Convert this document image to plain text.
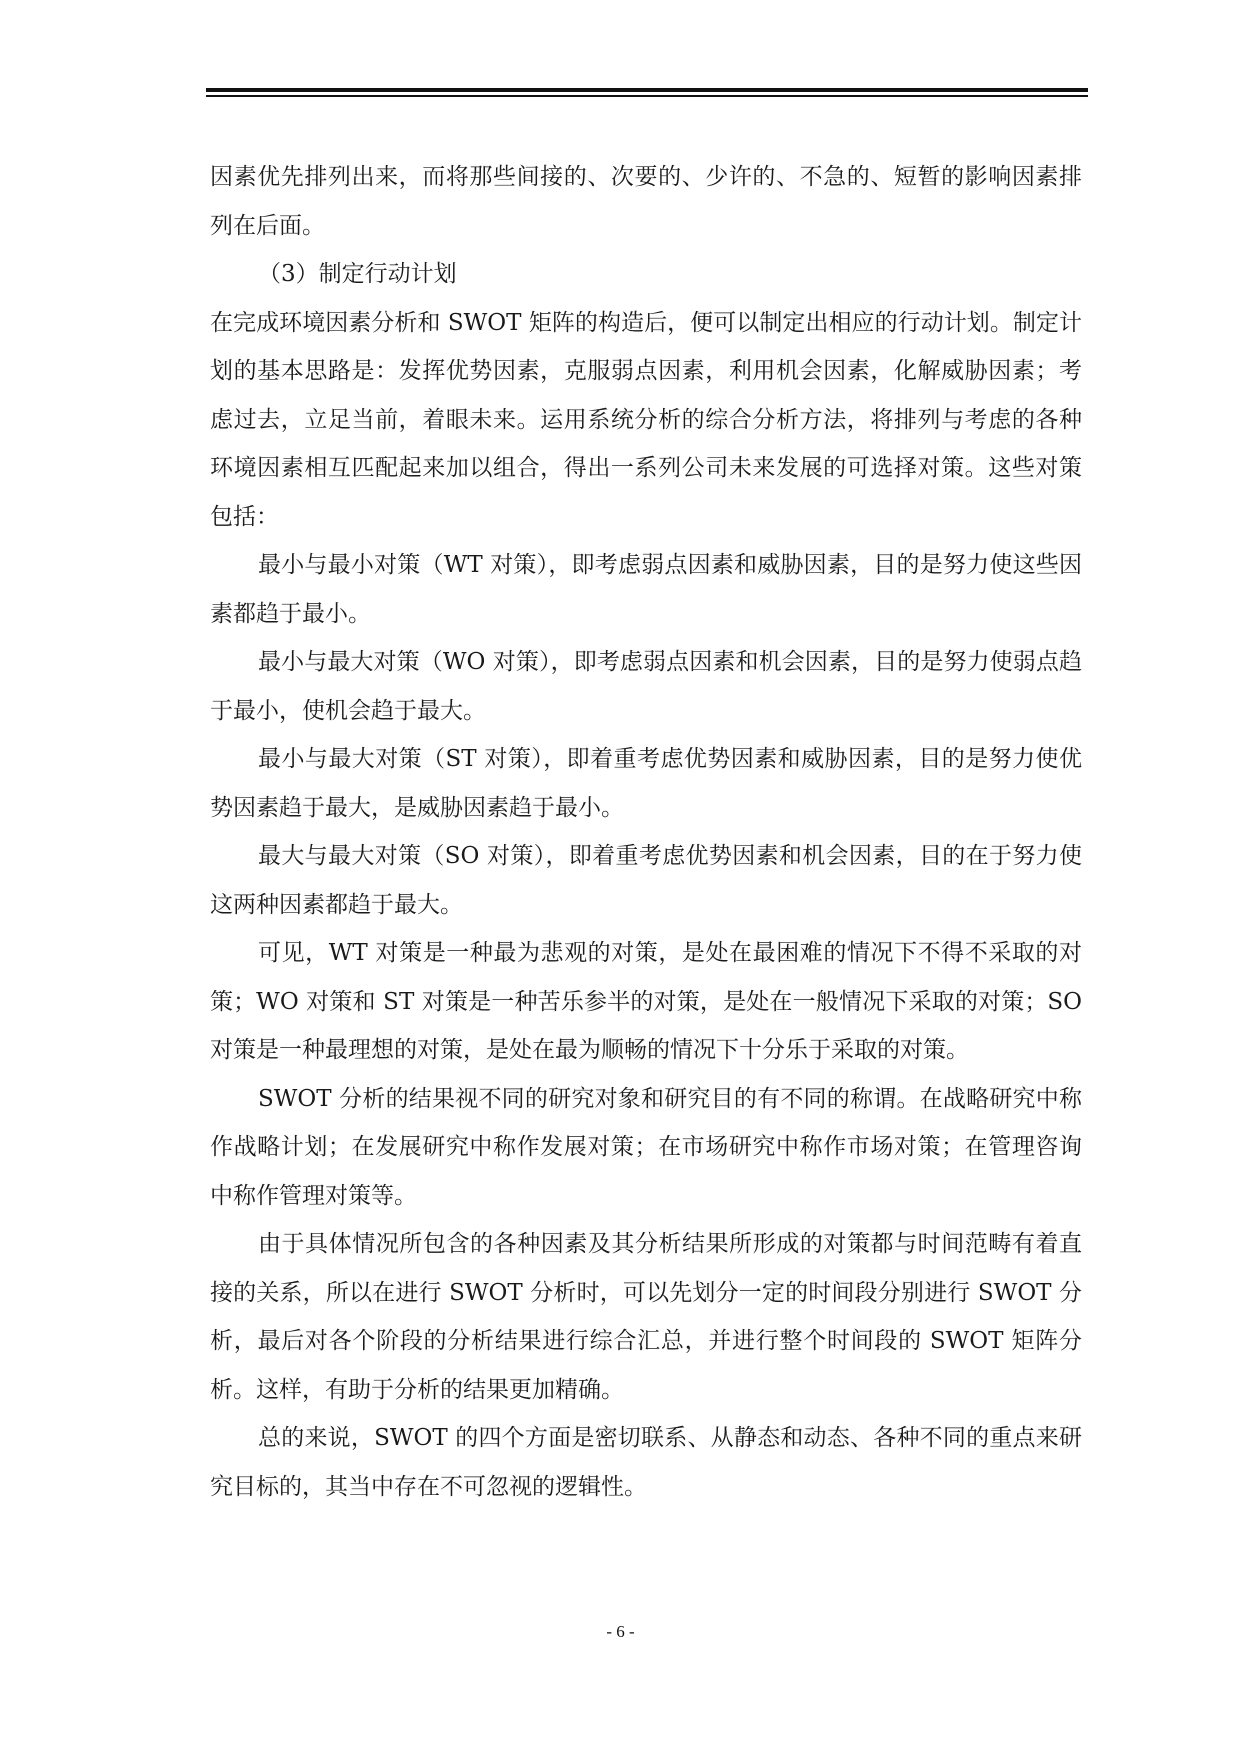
因素优先排列出来，而将那些间接的、次要的、少许的、不急的、短暂的影响因素排列在后面。

（3）制定行动计划

在完成环境因素分析和 SWOT 矩阵的构造后，便可以制定出相应的行动计划。制定计划的基本思路是：发挥优势因素，克服弱点因素，利用机会因素，化解威胁因素；考虑过去，立足当前，着眼未来。运用系统分析的综合分析方法，将排列与考虑的各种环境因素相互匹配起来加以组合，得出一系列公司未来发展的可选择对策。这些对策包括：

最小与最小对策（WT 对策），即考虑弱点因素和威胁因素，目的是努力使这些因素都趋于最小。

最小与最大对策（WO 对策），即考虑弱点因素和机会因素，目的是努力使弱点趋于最小，使机会趋于最大。

最小与最大对策（ST 对策），即着重考虑优势因素和威胁因素，目的是努力使优势因素趋于最大，是威胁因素趋于最小。

最大与最大对策（SO 对策），即着重考虑优势因素和机会因素，目的在于努力使这两种因素都趋于最大。

可见，WT 对策是一种最为悲观的对策，是处在最困难的情况下不得不采取的对策；WO 对策和 ST 对策是一种苦乐参半的对策，是处在一般情况下采取的对策；SO 对策是一种最理想的对策，是处在最为顺畅的情况下十分乐于采取的对策。

SWOT 分析的结果视不同的研究对象和研究目的有不同的称谓。在战略研究中称作战略计划；在发展研究中称作发展对策；在市场研究中称作市场对策；在管理咨询中称作管理对策等。

由于具体情况所包含的各种因素及其分析结果所形成的对策都与时间范畴有着直接的关系，所以在进行 SWOT 分析时，可以先划分一定的时间段分别进行 SWOT 分析，最后对各个阶段的分析结果进行综合汇总，并进行整个时间段的 SWOT 矩阵分析。这样，有助于分析的结果更加精确。

总的来说，SWOT 的四个方面是密切联系、从静态和动态、各种不同的重点来研究目标的，其当中存在不可忽视的逻辑性。

- 6 -
